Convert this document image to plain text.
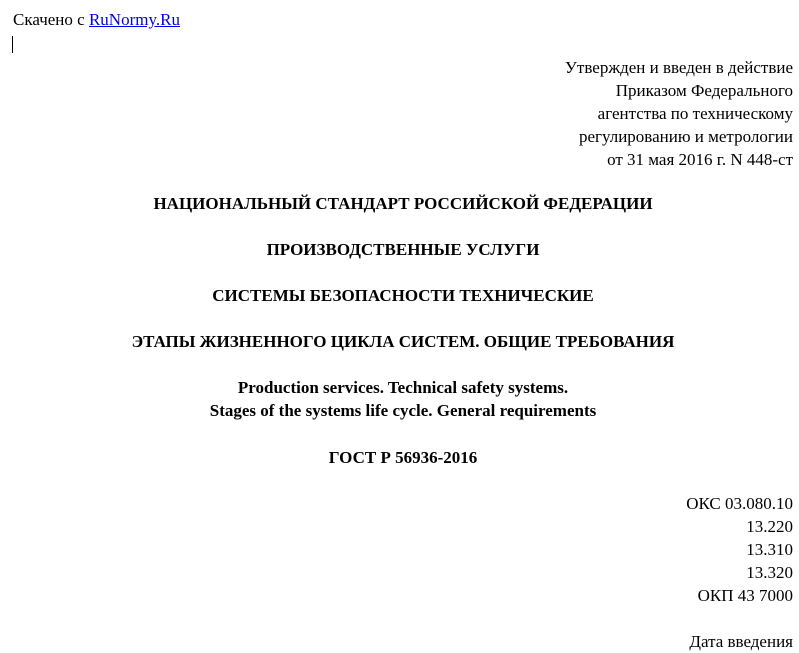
Скачено с RuNormy.Ru
Утвержден и введен в действие
Приказом Федерального
агентства по техническому
регулированию и метрологии
от 31 мая 2016 г. N 448-ст
НАЦИОНАЛЬНЫЙ СТАНДАРТ РОССИЙСКОЙ ФЕДЕРАЦИИ
ПРОИЗВОДСТВЕННЫЕ УСЛУГИ
СИСТЕМЫ БЕЗОПАСНОСТИ ТЕХНИЧЕСКИЕ
ЭТАПЫ ЖИЗНЕННОГО ЦИКЛА СИСТЕМ. ОБЩИЕ ТРЕБОВАНИЯ
Production services. Technical safety systems.
Stages of the systems life cycle. General requirements
ГОСТ Р 56936-2016
ОКС 03.080.10
13.220
13.310
13.320
ОКП 43 7000
Дата введения
